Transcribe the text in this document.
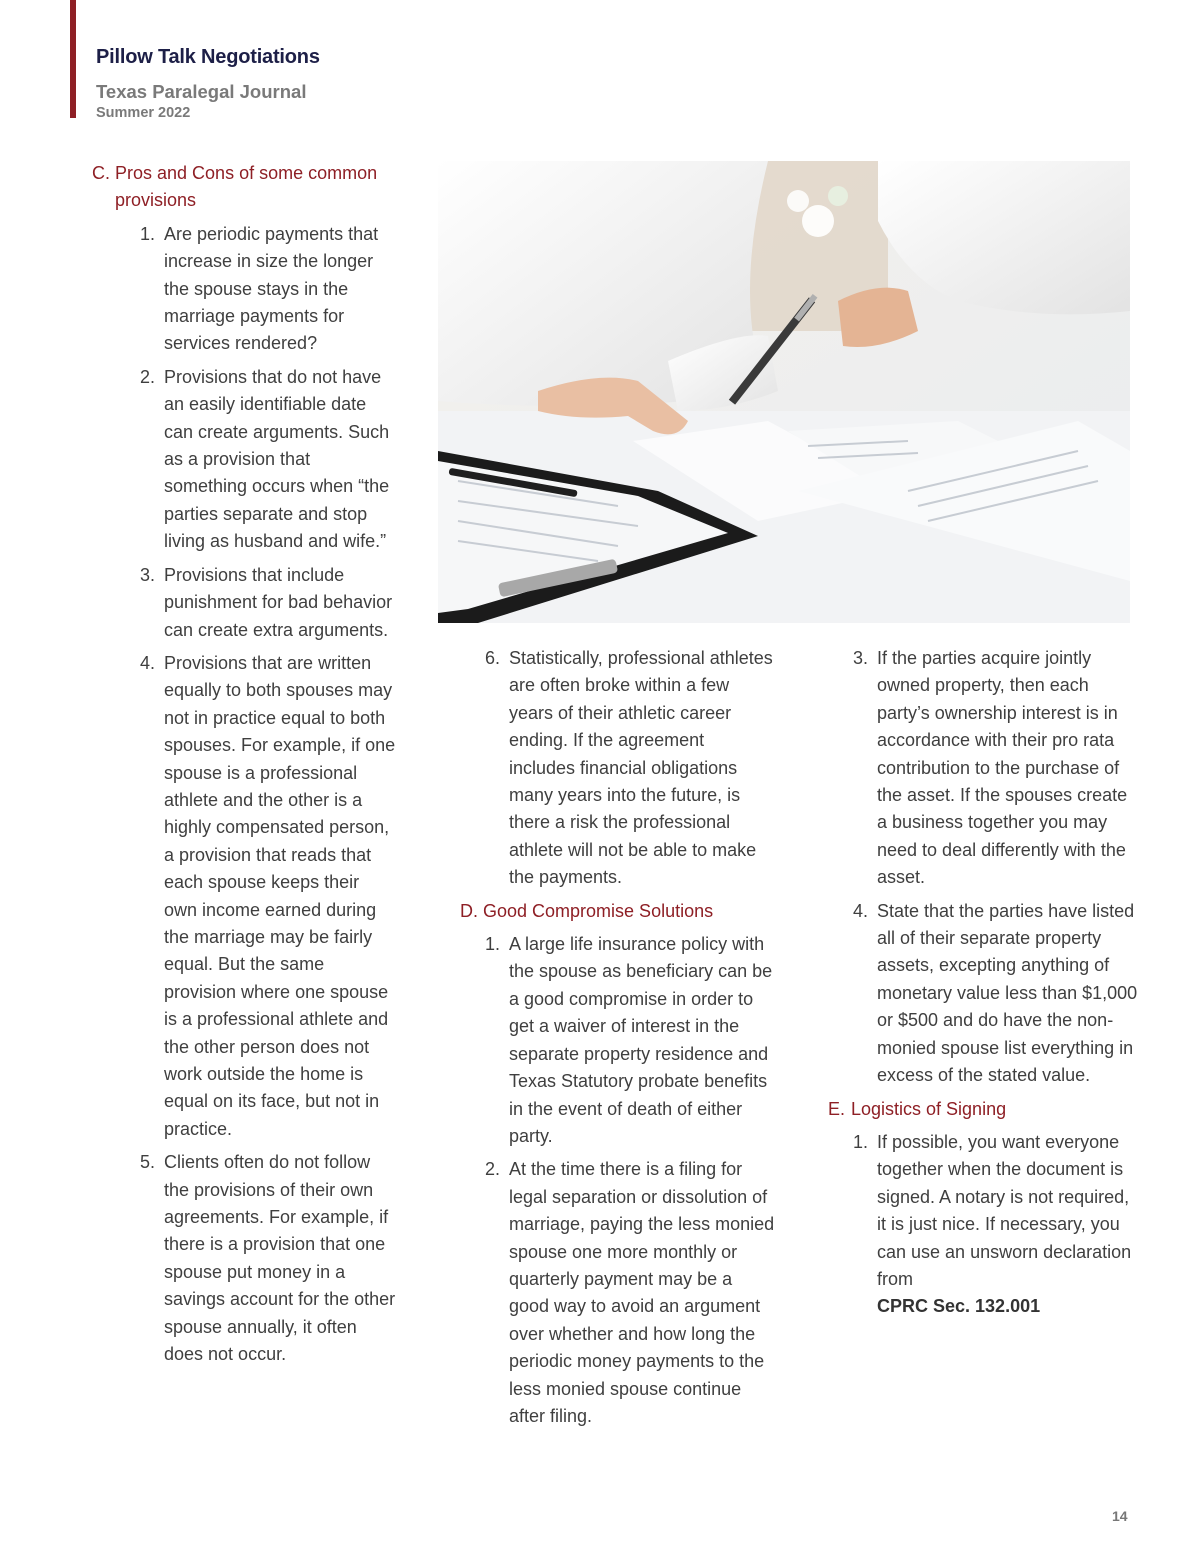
Pillow Talk Negotiations
Texas Paralegal Journal
Summer 2022
C. Pros and Cons of some common provisions
1. Are periodic payments that increase in size the longer the spouse stays in the marriage payments for services rendered?
2. Provisions that do not have an easily identifiable date can create arguments. Such as a provision that something occurs when “the parties separate and stop living as husband and wife.”
3. Provisions that include punishment for bad behavior can create extra arguments.
4. Provisions that are written equally to both spouses may not in practice equal to both spouses. For example, if one spouse is a professional athlete and the other is a highly compensated person, a provision that reads that each spouse keeps their own income earned during the marriage may be fairly equal. But the same provision where one spouse is a professional athlete and the other person does not work outside the home is equal on its face, but not in practice.
5. Clients often do not follow the provisions of their own agreements. For example, if there is a provision that one spouse put money in a savings account for the other spouse annually, it often does not occur.
6. Statistically, professional athletes are often broke within a few years of their athletic career ending. If the agreement includes financial obligations many years into the future, is there a risk the professional athlete will not be able to make the payments.
D. Good Compromise Solutions
1. A large life insurance policy with the spouse as beneficiary can be a good compromise in order to get a waiver of interest in the separate property residence and Texas Statutory probate benefits in the event of death of either party.
2. At the time there is a filing for legal separation or dissolution of marriage, paying the less monied spouse one more monthly or quarterly payment may be a good way to avoid an argument over whether and how long the periodic money payments to the less monied spouse continue after filing.
3. If the parties acquire jointly owned property, then each party’s ownership interest is in accordance with their pro rata contribution to the purchase of the asset. If the spouses create a business together you may need to deal differently with the asset.
4. State that the parties have listed all of their separate property assets, excepting anything of monetary value less than $1,000 or $500 and do have the non-monied spouse list everything in excess of the stated value.
E. Logistics of Signing
1. If possible, you want everyone together when the document is signed. A notary is not required, it is just nice. If necessary, you can use an unsworn declaration from
CPRC Sec. 132.001
14
